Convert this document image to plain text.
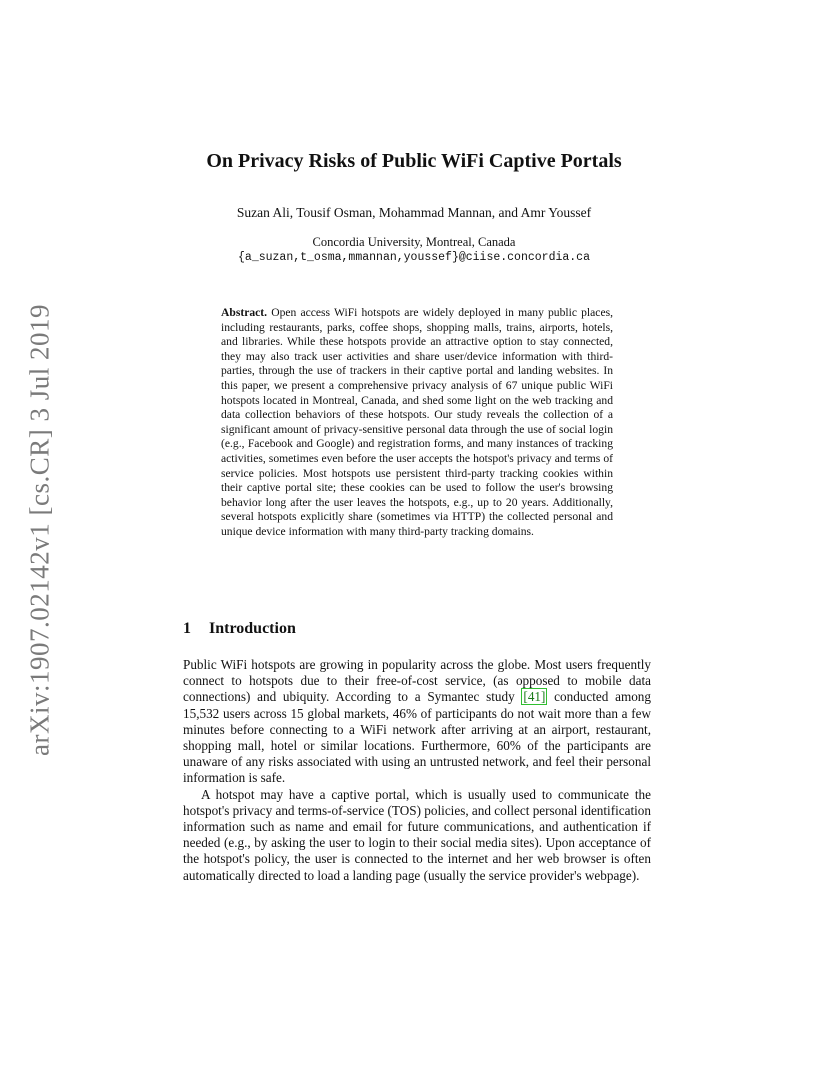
arXiv:1907.02142v1 [cs.CR] 3 Jul 2019
On Privacy Risks of Public WiFi Captive Portals
Suzan Ali, Tousif Osman, Mohammad Mannan, and Amr Youssef
Concordia University, Montreal, Canada
{a_suzan,t_osma,mmannan,youssef}@ciise.concordia.ca

Abstract. Open access WiFi hotspots are widely deployed in many public places, including restaurants, parks, coffee shops, shopping malls, trains, airports, hotels, and libraries. While these hotspots provide an attractive option to stay connected, they may also track user activities and share user/device information with third-parties, through the use of trackers in their captive portal and landing websites. In this paper, we present a comprehensive privacy analysis of 67 unique public WiFi hotspots located in Montreal, Canada, and shed some light on the web tracking and data collection behaviors of these hotspots. Our study reveals the collection of a significant amount of privacy-sensitive personal data through the use of social login (e.g., Facebook and Google) and registration forms, and many instances of tracking activities, sometimes even before the user accepts the hotspot's privacy and terms of service policies. Most hotspots use persistent third-party tracking cookies within their captive portal site; these cookies can be used to follow the user's browsing behavior long after the user leaves the hotspots, e.g., up to 20 years. Additionally, several hotspots explicitly share (sometimes via HTTP) the collected personal and unique device information with many third-party tracking domains.

1 Introduction

Public WiFi hotspots are growing in popularity across the globe. Most users frequently connect to hotspots due to their free-of-cost service, (as opposed to mobile data connections) and ubiquity. According to a Symantec study [41] conducted among 15,532 users across 15 global markets, 46% of participants do not wait more than a few minutes before connecting to a WiFi network after arriving at an airport, restaurant, shopping mall, hotel or similar locations. Furthermore, 60% of the participants are unaware of any risks associated with using an untrusted network, and feel their personal information is safe.

A hotspot may have a captive portal, which is usually used to communicate the hotspot's privacy and terms-of-service (TOS) policies, and collect personal identification information such as name and email for future communications, and authentication if needed (e.g., by asking the user to login to their social media sites). Upon acceptance of the hotspot's policy, the user is connected to the internet and her web browser is often automatically directed to load a landing page (usually the service provider's webpage).
